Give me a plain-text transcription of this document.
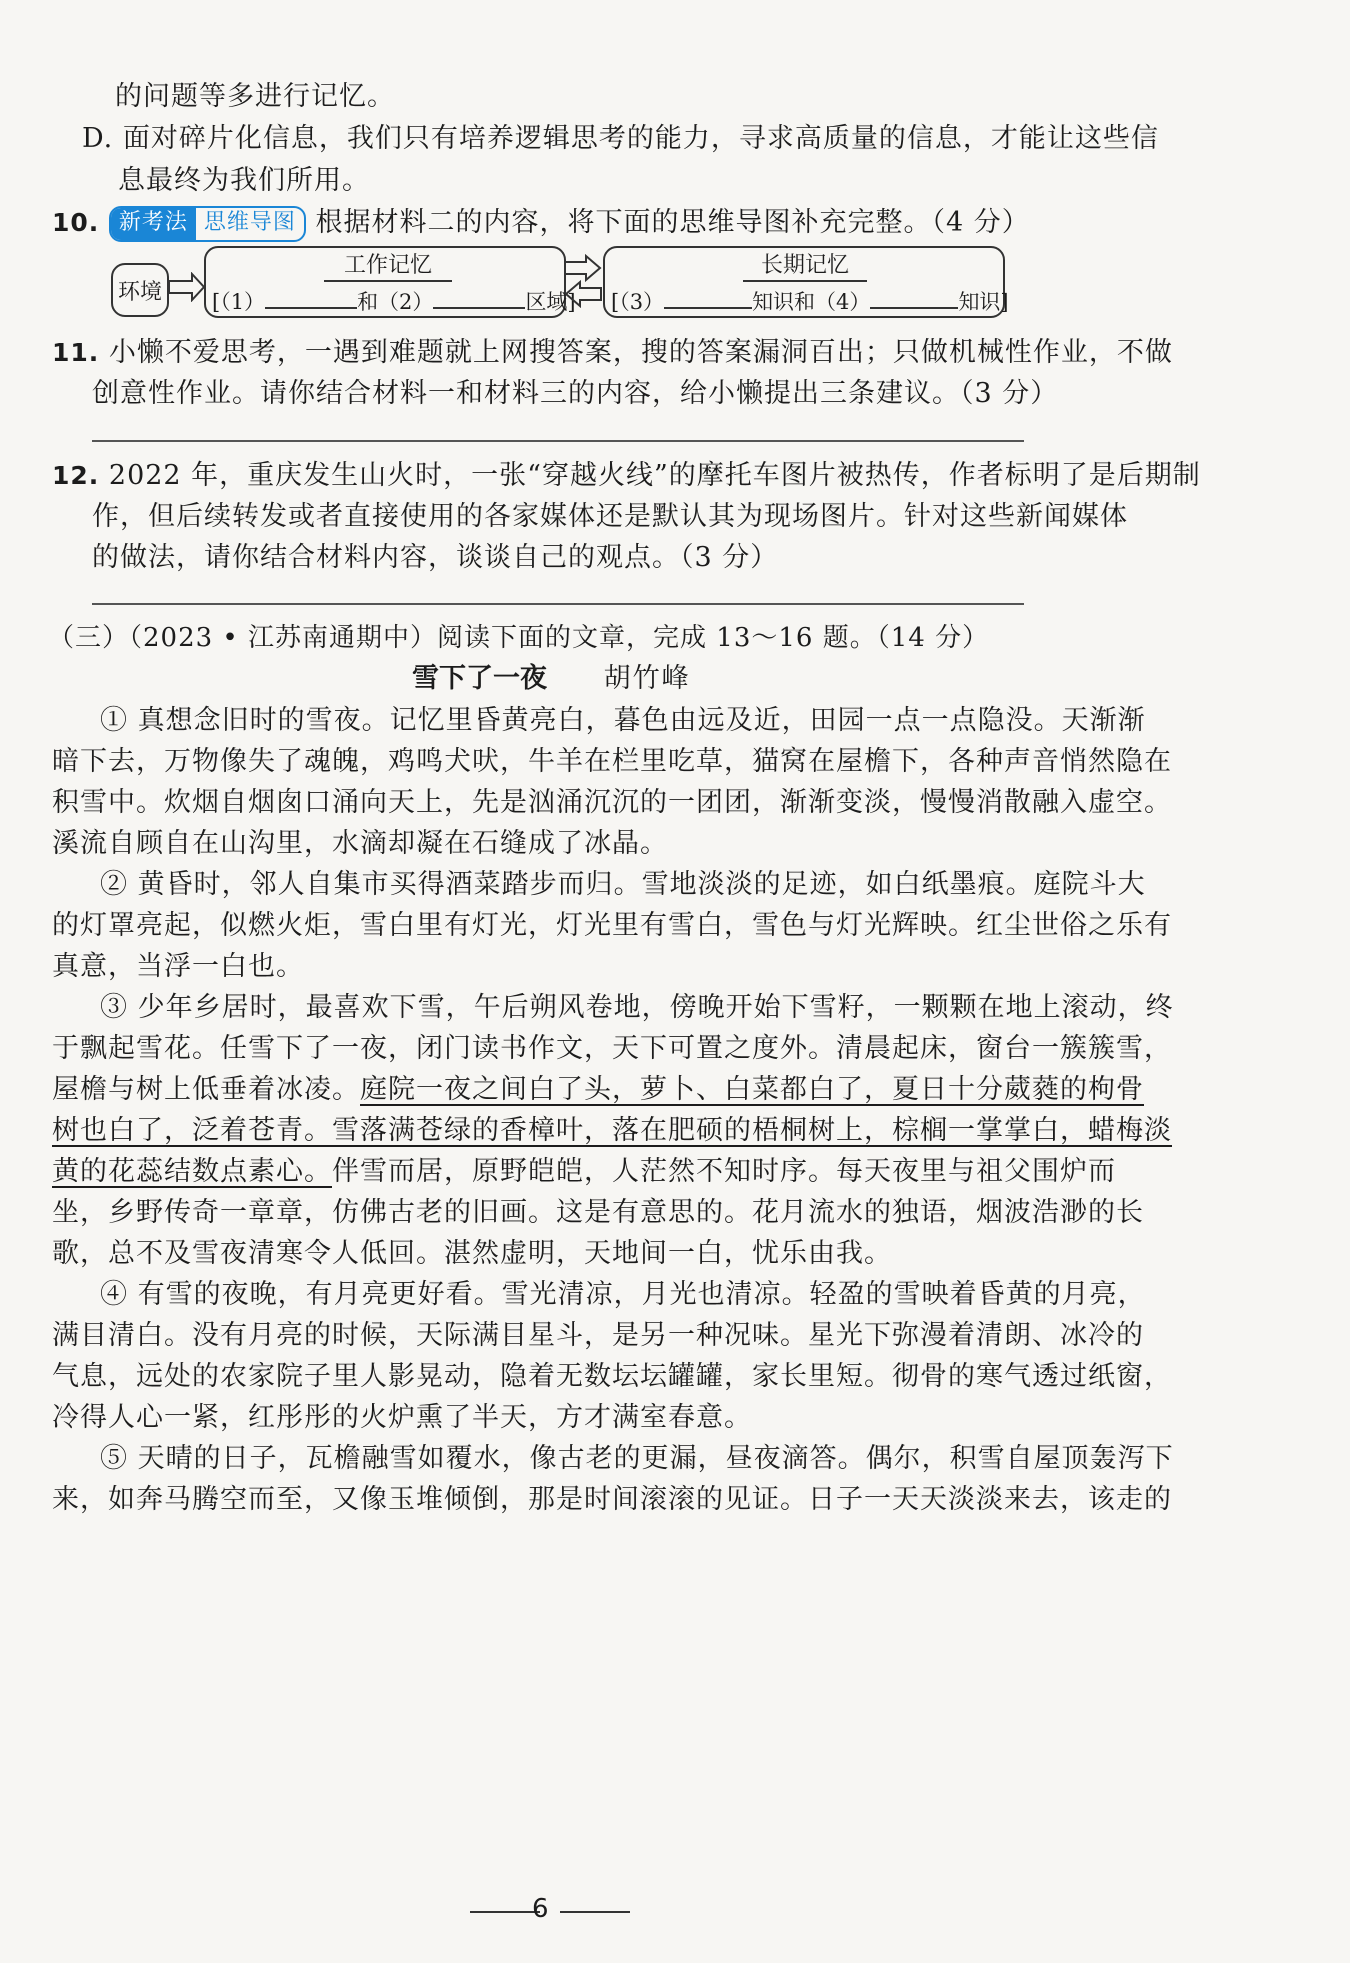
的问题等多进行记忆。
D. 面对碎片化信息，我们只有培养逻辑思考的能力，寻求高质量的信息，才能让这些信
息最终为我们所用。
10. 新考法 思维导图 根据材料二的内容，将下面的思维导图补充完整。（4 分）
环境
工作记忆
[（1）	和（2）	区域]
长期记忆
[（3）	知识和（4）	知识]
11. 小懒不爱思考，一遇到难题就上网搜答案，搜的答案漏洞百出；只做机械性作业，不做
创意性作业。请你结合材料一和材料三的内容，给小懒提出三条建议。（3 分）
12. 2022 年，重庆发生山火时，一张“穿越火线”的摩托车图片被热传，作者标明了是后期制
作，但后续转发或者直接使用的各家媒体还是默认其为现场图片。针对这些新闻媒体
的做法，请你结合材料内容，谈谈自己的观点。（3 分）
（三）（2023 • 江苏南通期中）阅读下面的文章，完成 13～16 题。（14 分）
雪下了一夜 胡竹峰
① 真想念旧时的雪夜。记忆里昏黄亮白，暮色由远及近，田园一点一点隐没。天渐渐
暗下去，万物像失了魂魄，鸡鸣犬吠，牛羊在栏里吃草，猫窝在屋檐下，各种声音悄然隐在
积雪中。炊烟自烟囱口涌向天上，先是汹涌沉沉的一团团，渐渐变淡，慢慢消散融入虚空。
溪流自顾自在山沟里，水滴却凝在石缝成了冰晶。
② 黄昏时，邻人自集市买得酒菜踏步而归。雪地淡淡的足迹，如白纸墨痕。庭院斗大
的灯罩亮起，似燃火炬，雪白里有灯光，灯光里有雪白，雪色与灯光辉映。红尘世俗之乐有
真意，当浮一白也。
③ 少年乡居时，最喜欢下雪，午后朔风卷地，傍晚开始下雪籽，一颗颗在地上滚动，终
于飘起雪花。任雪下了一夜，闭门读书作文，天下可置之度外。清晨起床，窗台一簇簇雪，
屋檐与树上低垂着冰凌。庭院一夜之间白了头，萝卜、白菜都白了，夏日十分葳蕤的枸骨
树也白了，泛着苍青。雪落满苍绿的香樟叶，落在肥硕的梧桐树上，棕榈一掌掌白，蜡梅淡
黄的花蕊结数点素心。伴雪而居，原野皑皑，人茫然不知时序。每天夜里与祖父围炉而
坐，乡野传奇一章章，仿佛古老的旧画。这是有意思的。花月流水的独语，烟波浩渺的长
歌，总不及雪夜清寒令人低回。湛然虚明，天地间一白，忧乐由我。
④ 有雪的夜晚，有月亮更好看。雪光清凉，月光也清凉。轻盈的雪映着昏黄的月亮，
满目清白。没有月亮的时候，天际满目星斗，是另一种况味。星光下弥漫着清朗、冰冷的
气息，远处的农家院子里人影晃动，隐着无数坛坛罐罐，家长里短。彻骨的寒气透过纸窗，
冷得人心一紧，红彤彤的火炉熏了半天，方才满室春意。
⑤ 天晴的日子，瓦檐融雪如覆水，像古老的更漏，昼夜滴答。偶尔，积雪自屋顶轰泻下
来，如奔马腾空而至，又像玉堆倾倒，那是时间滚滚的见证。日子一天天淡淡来去，该走的
6
